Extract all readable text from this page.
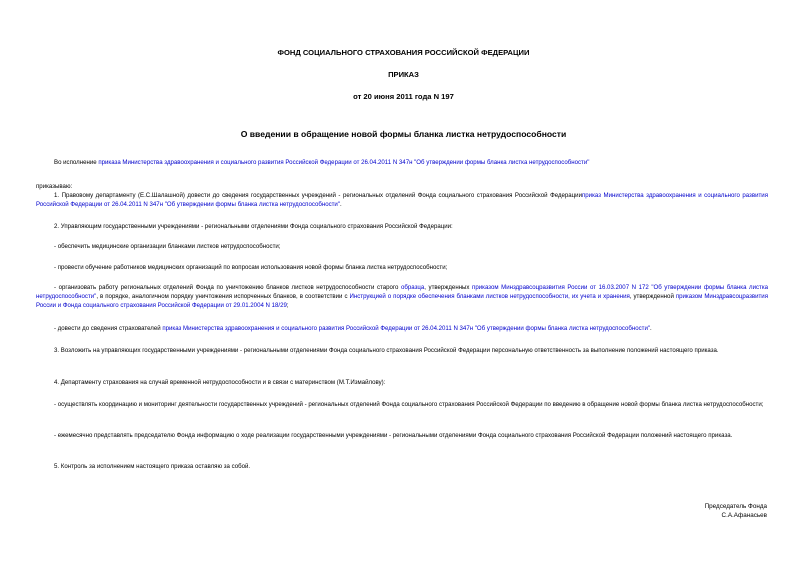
ФОНД СОЦИАЛЬНОГО СТРАХОВАНИЯ РОССИЙСКОЙ ФЕДЕРАЦИИ
ПРИКАЗ
от 20 июня 2011 года N 197
О введении в обращение новой формы бланка листка нетрудоспособности

Во исполнение приказа Министерства здравоохранения и социального развития Российской Федерации от 26.04.2011 N 347н "Об утверждении формы бланка листка нетрудоспособности"

приказываю:

1. Правовому департаменту (Е.С.Шалашной) довести до сведения государственных учреждений - региональных отделений Фонда социального страхования Российской Федерацииприказ Министерства здравоохранения и социального развития Российской Федерации от 26.04.2011 N 347н "Об утверждении формы бланка листка нетрудоспособности".

2. Управляющим государственными учреждениями - региональными отделениями Фонда социального страхования Российской Федерации:

- обеспечить медицинские организации бланками листков нетрудоспособности;

- провести обучение работников медицинских организаций по вопросам использования новой формы бланка листка нетрудоспособности;

- организовать работу региональных отделений Фонда по уничтожению бланков листков нетрудоспособности старого образца, утвержденных приказом Минздравсоцразвития России от 16.03.2007 N 172 "Об утверждении формы бланка листка нетрудоспособности", в порядке, аналогичном порядку уничтожения испорченных бланков, в соответствии с Инструкцией о порядке обеспечения бланками листков нетрудоспособности, их учета и хранения, утвержденной приказом Минздравсоцразвития России и Фонда социального страхования Российской Федерации от 29.01.2004 N 18/29;

- довести до сведения страхователей приказ Министерства здравоохранения и социального развития Российской Федерации от 26.04.2011 N 347н "Об утверждении формы бланка листка нетрудоспособности".

3. Возложить на управляющих государственными учреждениями - региональными отделениями Фонда социального страхования Российской Федерации персональную ответственность за выполнение положений настоящего приказа.

4. Департаменту страхования на случай временной нетрудоспособности и в связи с материнством (М.Т.Измайлову):

- осуществлять координацию и мониторинг деятельности государственных учреждений - региональных отделений Фонда социального страхования Российской Федерации по введению в обращение новой формы бланка листка нетрудоспособности;

- ежемесячно представлять председателю Фонда информацию о ходе реализации государственными учреждениями - региональными отделениями Фонда социального страхования Российской Федерации положений настоящего приказа.

5. Контроль за исполнением настоящего приказа оставляю за собой.

Председатель Фонда
С.А.Афанасьев
